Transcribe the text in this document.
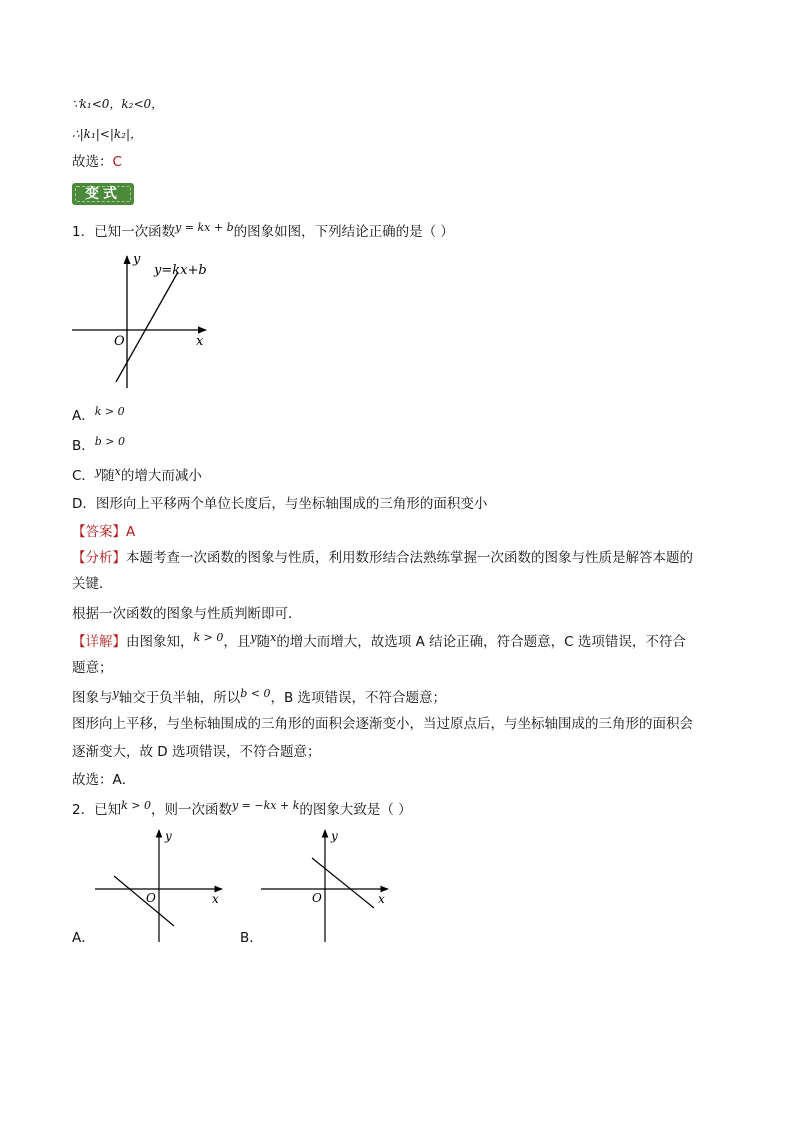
∵k₁<0，k₂<0，
∴|k₁|<|k₂|，
故选：C
变式
1．已知一次函数$^{y = kx + b}$的图象如图，下列结论正确的是（ ）
y
x
O
y=kx+b
A．$^{k > 0}$
B．$^{b > 0}$
C．$^y$随$^x$的增大而减小
D．图形向上平移两个单位长度后，与坐标轴围成的三角形的面积变小
【答案】A
【分析】本题考查一次函数的图象与性质，利用数形结合法熟练掌握一次函数的图象与性质是解答本题的
关键．
根据一次函数的图象与性质判断即可．
【详解】由图象知，$^{k > 0}$，且$^y$随$^x$的增大而增大，故选项 A 结论正确，符合题意，C 选项错误，不符合
题意；
图象与$^y$轴交于负半轴，所以$^{b < 0}$，B 选项错误，不符合题意；
图形向上平移，与坐标轴围成的三角形的面积会逐渐变小，当过原点后，与坐标轴围成的三角形的面积会
逐渐变大，故 D 选项错误，不符合题意；
故选：A．
2．已知$^{k > 0}$，则一次函数$^{y = -kx + k}$的图象大致是（ ）
y
x
O
A．
y
x
O
B．
